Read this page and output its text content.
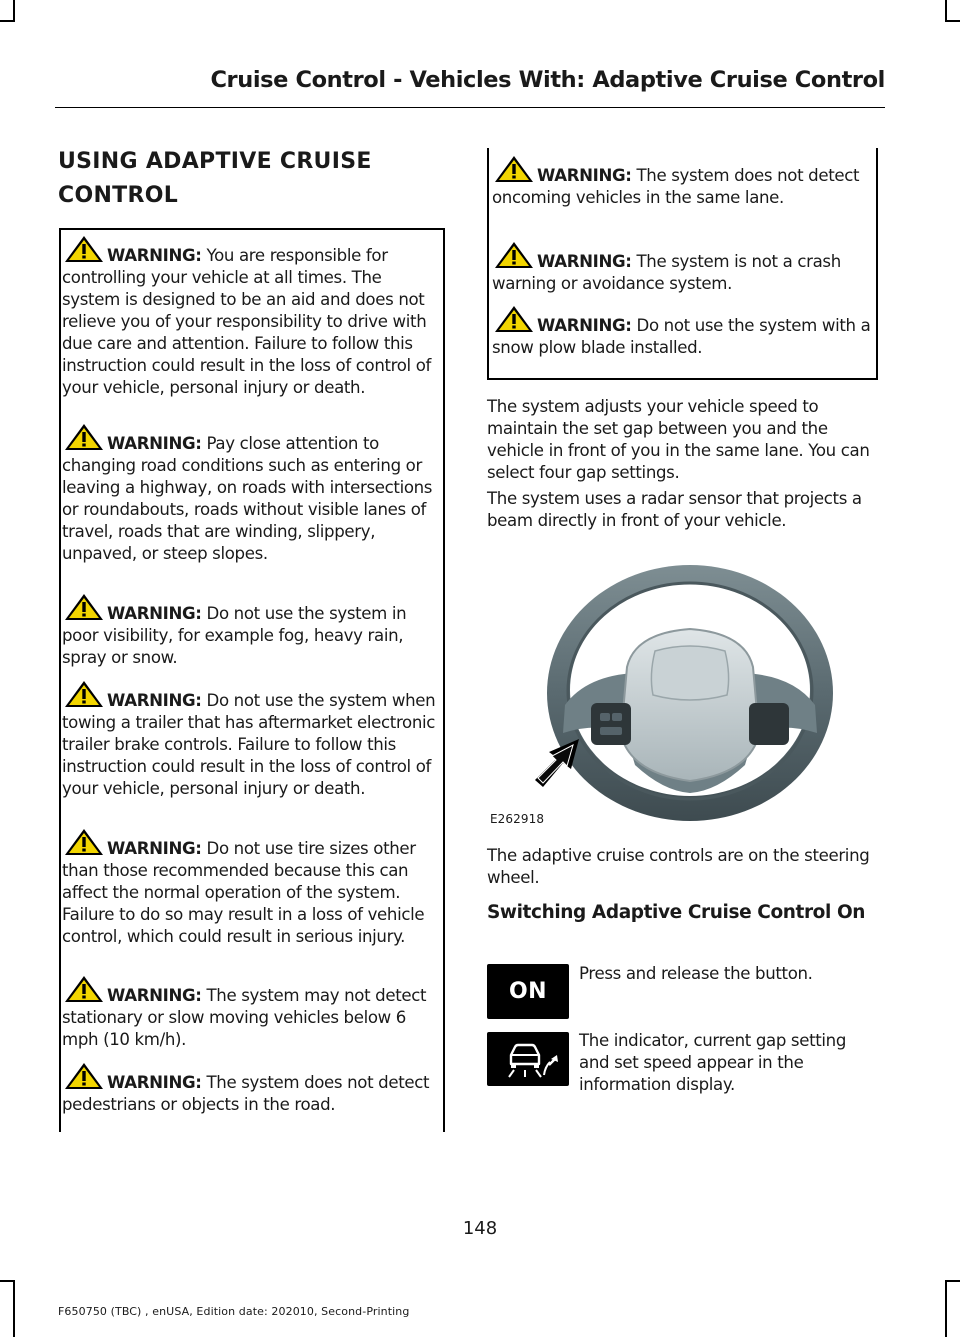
Cruise Control - Vehicles With: Adaptive Cruise Control
USING ADAPTIVE CRUISE
CONTROL
WARNING: You are responsible for controlling your vehicle at all times. The system is designed to be an aid and does not relieve you of your responsibility to drive with due care and attention. Failure to follow this instruction could result in the loss of control of your vehicle, personal injury or death.
WARNING: Pay close attention to changing road conditions such as entering or leaving a highway, on roads with intersections or roundabouts, roads without visible lanes of travel, roads that are winding, slippery, unpaved, or steep slopes.
WARNING: Do not use the system in poor visibility, for example fog, heavy rain, spray or snow.
WARNING: Do not use the system when towing a trailer that has aftermarket electronic trailer brake controls. Failure to follow this instruction could result in the loss of control of your vehicle, personal injury or death.
WARNING: Do not use tire sizes other than those recommended because this can affect the normal operation of the system. Failure to do so may result in a loss of vehicle control, which could result in serious injury.
WARNING: The system may not detect stationary or slow moving vehicles below 6 mph (10 km/h).
WARNING: The system does not detect pedestrians or objects in the road.
WARNING: The system does not detect oncoming vehicles in the same lane.
WARNING: The system is not a crash warning or avoidance system.
WARNING: Do not use the system with a snow plow blade installed.
The system adjusts your vehicle speed to maintain the set gap between you and the vehicle in front of you in the same lane. You can select four gap settings.
The system uses a radar sensor that projects a beam directly in front of your vehicle.
E262918
The adaptive cruise controls are on the steering wheel.
Switching Adaptive Cruise Control On
ON
Press and release the button.
The indicator, current gap setting and set speed appear in the information display.
148
F650750 (TBC) , enUSA, Edition date: 202010, Second-Printing
